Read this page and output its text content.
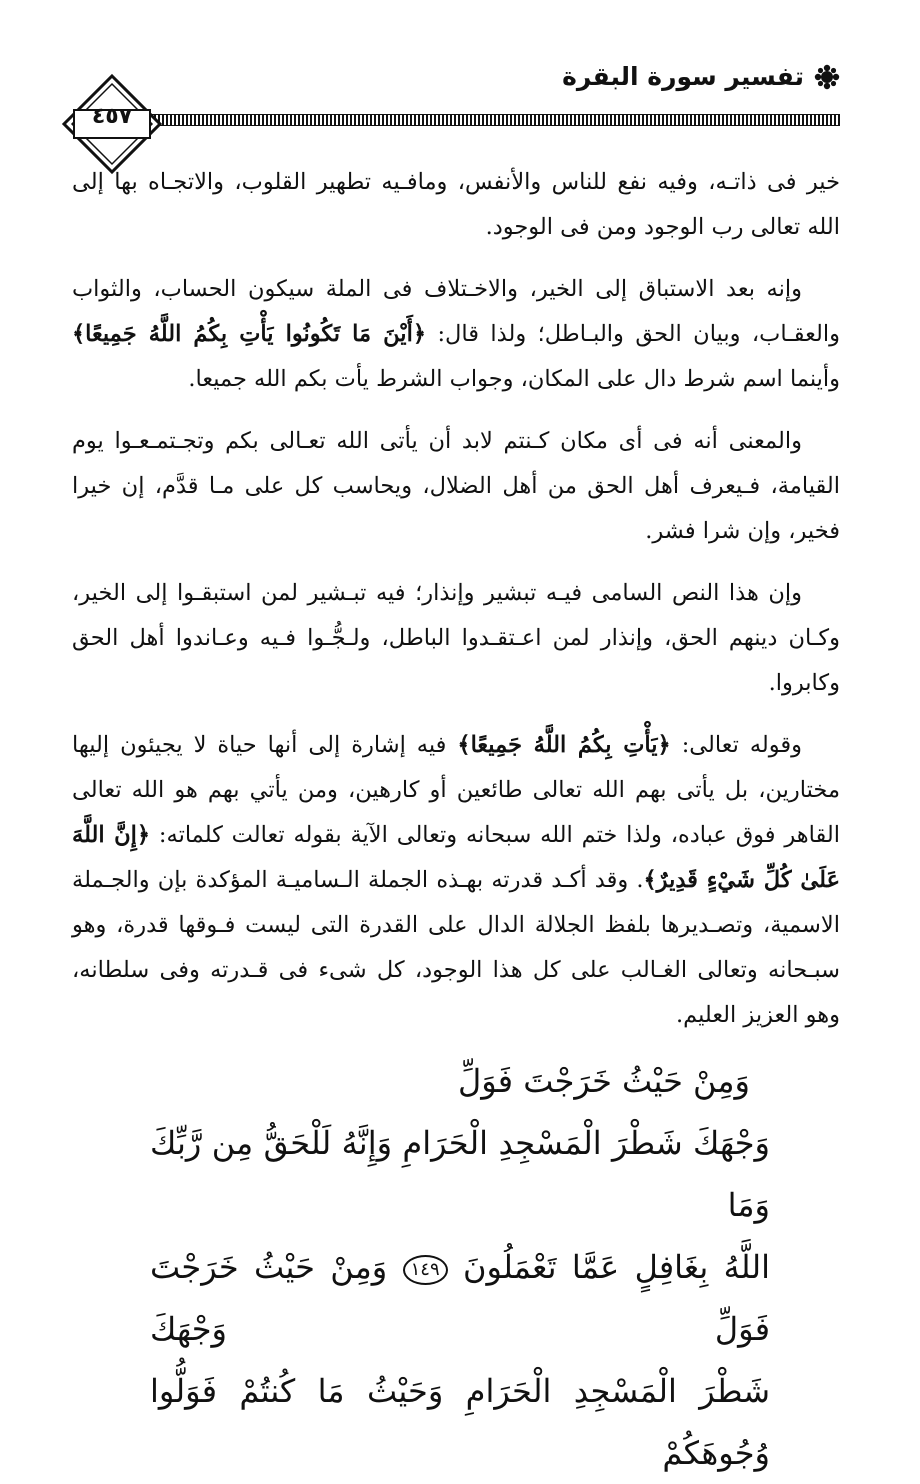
تفسير سورة البقرة
٤٥٧

خير فى ذاتـه، وفيه نفع للناس والأنفس، ومافـيه تطهير القلوب، والاتجـاه بها إلى الله تعالى رب الوجود ومن فى الوجود.

وإنه بعد الاستباق إلى الخير، والاخـتلاف فى الملة سيكون الحساب، والثواب والعقـاب، وبيان الحق والبـاطل؛ ولذا قال: ﴿أَيْنَ مَا تَكُونُوا يَأْتِ بِكُمُ اللَّهُ جَمِيعًا﴾ وأينما اسم شرط دال على المكان، وجواب الشرط يأت بكم الله جميعا.

والمعنى أنه فى أى مكان كـنتم لابد أن يأتى الله تعـالى بكم وتجـتمـعـوا يوم القيامة، فـيعرف أهل الحق من أهل الضلال، ويحاسب كل على مـا قدَّم، إن خيرا فخير، وإن شرا فشر.

وإن هذا النص السامى فيـه تبشير وإنذار؛ فيه تبـشير لمن استبقـوا إلى الخير، وكـان دينهم الحق، وإنذار لمن اعـتقـدوا الباطل، ولـجُّـوا فـيه وعـاندوا أهل الحق وكابروا.

وقوله تعالى: ﴿يَأْتِ بِكُمُ اللَّهُ جَمِيعًا﴾ فيه إشارة إلى أنها حياة لا يجيئون إليها مختارين، بل يأتى بهم الله تعالى طائعين أو كارهين، ومن يأتي بهم هو الله تعالى القاهر فوق عباده، ولذا ختم الله سبحانه وتعالى الآية بقوله تعالت كلماته: ﴿إِنَّ اللَّهَ عَلَىٰ كُلِّ شَيْءٍ قَدِيرٌ﴾. وقد أكـد قدرته بهـذه الجملة الـساميـة المؤكدة بإن والجـملة الاسمية، وتصـديرها بلفظ الجلالة الدال على القدرة التى ليست فـوقها قدرة، وهو سبـحانه وتعالى الغـالب على كل هذا الوجود، كل شىء فى قـدرته وفى سلطانه، وهو العزيز العليم.

وَمِنْ حَيْثُ خَرَجْتَ فَوَلِّ
وَجْهَكَ شَطْرَ الْمَسْجِدِ الْحَرَامِ وَإِنَّهُ لَلْحَقُّ مِن رَّبِّكَ وَمَا
اللَّهُ بِغَافِلٍ عَمَّا تَعْمَلُونَ ١٤٩ وَمِنْ حَيْثُ خَرَجْتَ فَوَلِّ وَجْهَكَ
شَطْرَ الْمَسْجِدِ الْحَرَامِ وَحَيْثُ مَا كُنتُمْ فَوَلُّوا وُجُوهَكُمْ
